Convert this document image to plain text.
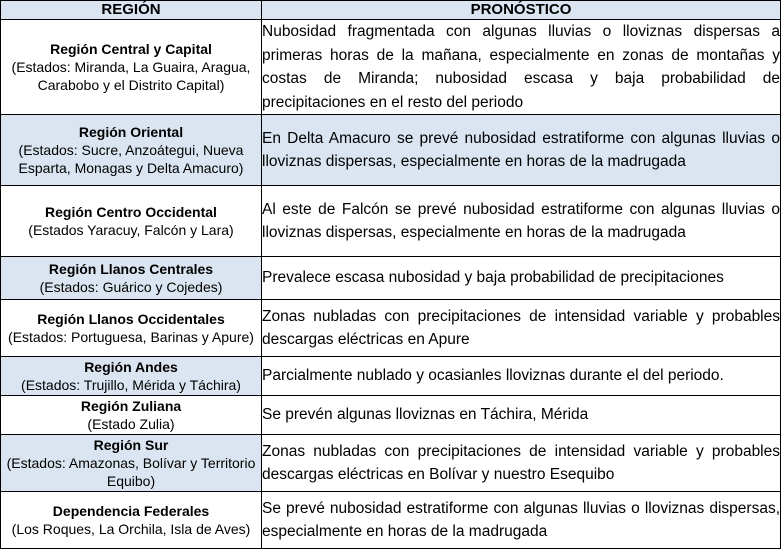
REGIÓN	PRONÓSTICO

Región Central y Capital
(Estados: Miranda, La Guaira, Aragua, Carabobo y el Distrito Capital)	Nubosidad fragmentada con algunas lluvias o lloviznas dispersas a primeras horas de la mañana, especialmente en zonas de montañas y costas de Miranda; nubosidad escasa y baja probabilidad de precipitaciones en el resto del periodo

Región Oriental
(Estados: Sucre, Anzoátegui, Nueva Esparta, Monagas y Delta Amacuro)	En Delta Amacuro se prevé nubosidad estratiforme con algunas lluvias o lloviznas dispersas, especialmente en horas de la madrugada

Región Centro Occidental
(Estados Yaracuy, Falcón y Lara)	Al este de Falcón se prevé nubosidad estratiforme con algunas lluvias o lloviznas dispersas, especialmente en horas de la madrugada

Región Llanos Centrales
(Estados: Guárico y Cojedes)	Prevalece escasa nubosidad y baja probabilidad de precipitaciones

Región Llanos Occidentales
(Estados: Portuguesa, Barinas y Apure)	Zonas nubladas con precipitaciones de intensidad variable y probables descargas eléctricas en Apure

Región Andes
(Estados: Trujillo, Mérida y Táchira)	Parcialmente nublado y ocasianles lloviznas durante el del periodo.

Región Zuliana
(Estado Zulia)	Se prevén algunas lloviznas en Táchira, Mérida

Región Sur
(Estados: Amazonas, Bolívar y Territorio Equibo)	Zonas nubladas con precipitaciones de intensidad variable y probables descargas eléctricas en Bolívar y nuestro Esequibo

Dependencia Federales
(Los Roques, La Orchila, Isla de Aves)	Se prevé nubosidad estratiforme con algunas lluvias o lloviznas dispersas, especialmente en horas de la madrugada
